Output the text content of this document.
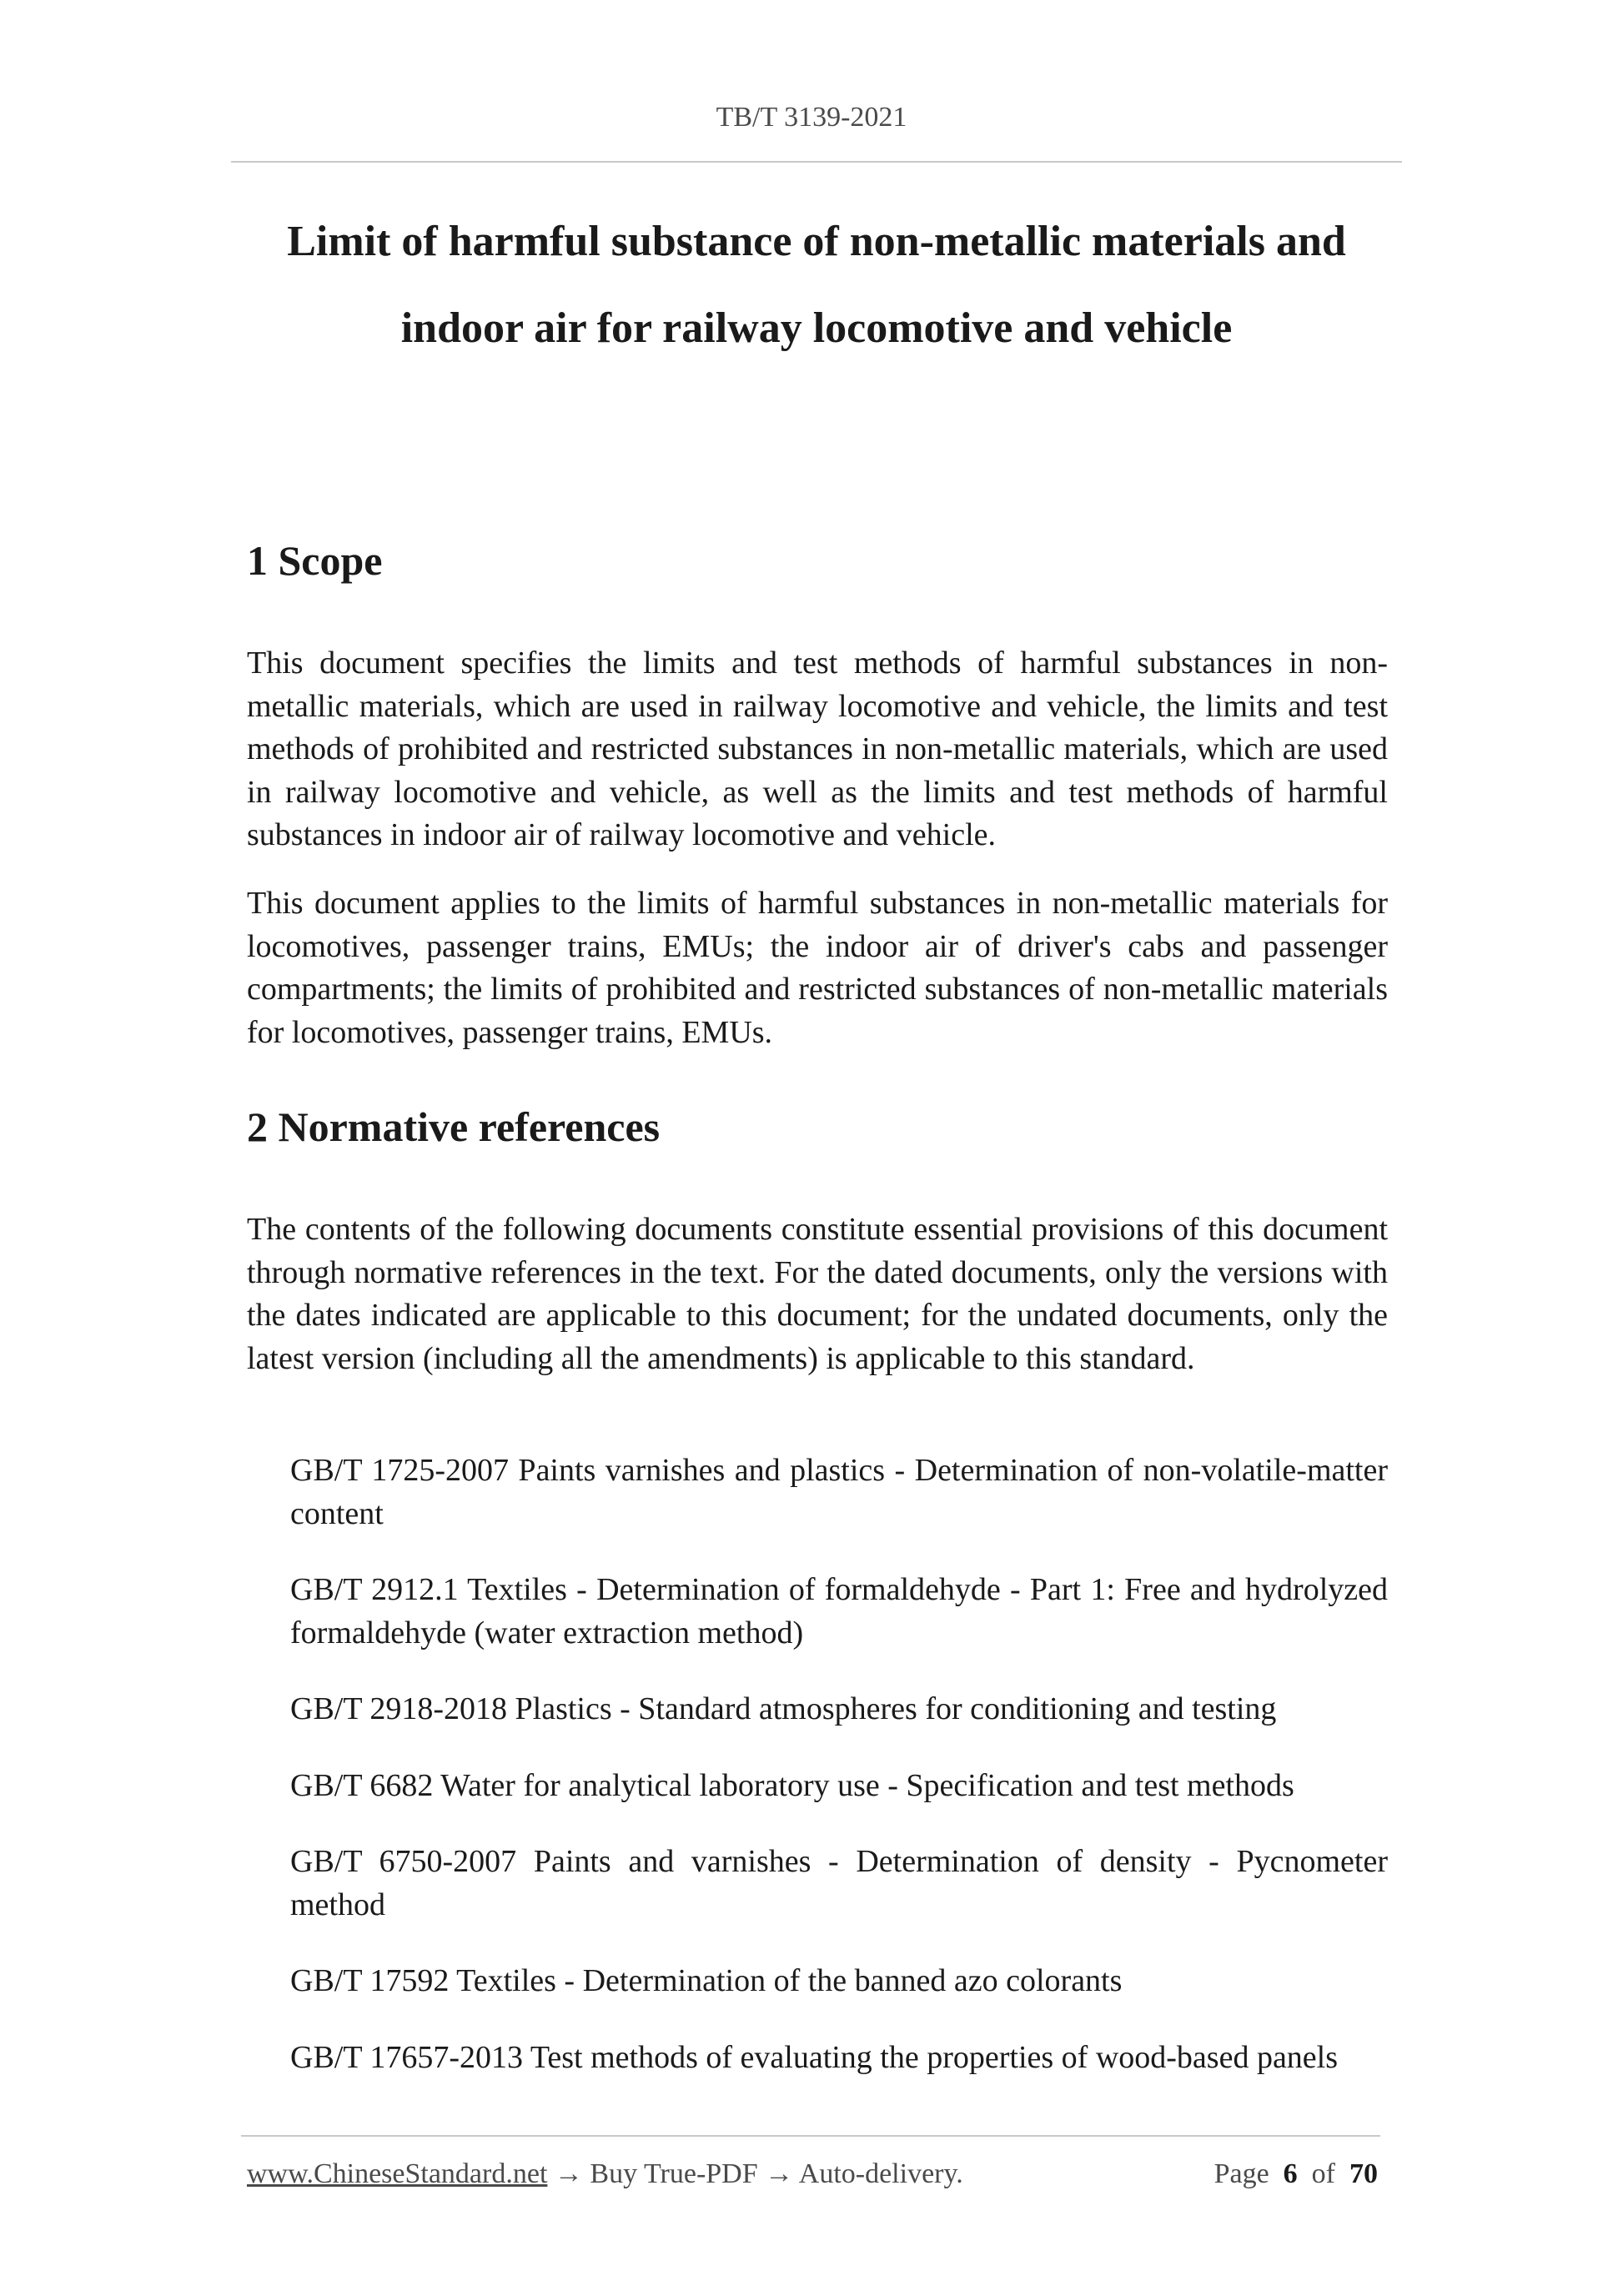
TB/T 3139-2021
Limit of harmful substance of non-metallic materials and
indoor air for railway locomotive and vehicle
1 Scope

This document specifies the limits and test methods of harmful substances in non-metallic materials, which are used in railway locomotive and vehicle, the limits and test methods of prohibited and restricted substances in non-metallic materials, which are used in railway locomotive and vehicle, as well as the limits and test methods of harmful substances in indoor air of railway locomotive and vehicle.

This document applies to the limits of harmful substances in non-metallic materials for locomotives, passenger trains, EMUs; the indoor air of driver's cabs and passenger compartments; the limits of prohibited and restricted substances of non-metallic materials for locomotives, passenger trains, EMUs.

2 Normative references

The contents of the following documents constitute essential provisions of this document through normative references in the text. For the dated documents, only the versions with the dates indicated are applicable to this document; for the undated documents, only the latest version (including all the amendments) is applicable to this standard.

GB/T 1725-2007 Paints varnishes and plastics - Determination of non-volatile-matter content
GB/T 2912.1 Textiles - Determination of formaldehyde - Part 1: Free and hydrolyzed formaldehyde (water extraction method)
GB/T 2918-2018 Plastics - Standard atmospheres for conditioning and testing
GB/T 6682 Water for analytical laboratory use - Specification and test methods
GB/T 6750-2007 Paints and varnishes - Determination of density - Pycnometer method
GB/T 17592 Textiles - Determination of the banned azo colorants
GB/T 17657-2013 Test methods of evaluating the properties of wood-based panels
www.ChineseStandard.net → Buy True-PDF → Auto-delivery.	Page 6 of 70
